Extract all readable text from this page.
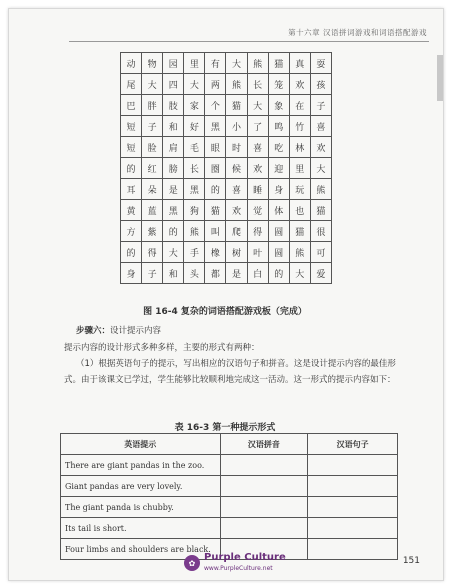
第十六章 汉语拼词游戏和词语搭配游戏
动	物	园	里	有	大	熊	猫	真	耍
尾	大	四	大	两	熊	长	笼	欢	孩
巴	胖	肢	家	个	猫	大	象	在	子
短	子	和	好	黑	小	了	鸣	竹	喜
短	脸	肩	毛	眼	时	喜	吃	林	欢
的	红	膀	长	圈	候	欢	迎	里	大
耳	朵	是	黑	的	喜	睡	身	玩	熊
黄	蓝	黑	狗	猫	欢	觉	体	也	猫
方	紫	的	熊	叫	爬	得	圆	猫	很
的	得	大	手	橡	树	叶	圆	熊	可
身	子	和	头	都	是	白	的	大	爱
图 16-4 复杂的词语搭配游戏板（完成）
步骤六：设计提示内容
提示内容的设计形式多种多样，主要的形式有两种：
（1）根据英语句子的提示，写出相应的汉语句子和拼音。这是设计提示内容的最佳形式。由于该课文已学过，学生能够比较顺利地完成这一活动。这一形式的提示内容如下：
表 16-3 第一种提示形式
英语提示	汉语拼音	汉语句子
There are giant pandas in the zoo.		
Giant pandas are very lovely.		
The giant panda is chubby.		
Its tail is short.		
Four limbs and shoulders are black.		
✿ Purple Culture
www.PurpleCulture.net
151
